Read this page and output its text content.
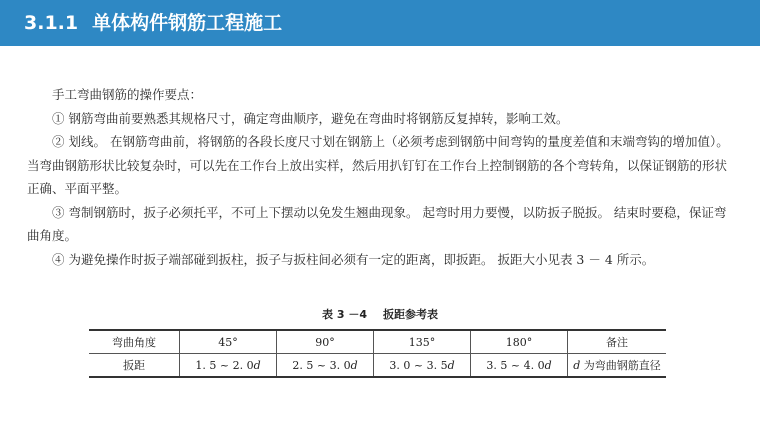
3.1.1 单体构件钢筋工程施工

手工弯曲钢筋的操作要点：

① 钢筋弯曲前要熟悉其规格尺寸，确定弯曲顺序，避免在弯曲时将钢筋反复掉转，影响工效。

② 划线。 在钢筋弯曲前，将钢筋的各段长度尺寸划在钢筋上（必须考虑到钢筋中间弯钩的量度差值和末端弯钩的增加值）。 当弯曲钢筋形状比较复杂时，可以先在工作台上放出实样，然后用扒钉钉在工作台上控制钢筋的各个弯转角，以保证钢筋的形状正确、平面平整。

③ 弯制钢筋时，扳子必须托平，不可上下摆动以免发生翘曲现象。 起弯时用力要慢，以防扳子脱扳。 结束时要稳，保证弯曲角度。

④ 为避免操作时扳子端部碰到扳柱，扳子与扳柱间必须有一定的距离，即扳距。 扳距大小见表 3 － 4 所示。

表 3 －4 扳距参考表
弯曲角度	45°	90°	135°	180°	备注
扳距	1. 5 ~ 2. 0d	2. 5 ~ 3. 0d	3. 0 ~ 3. 5d	3. 5 ~ 4. 0d	d 为弯曲钢筋直径
